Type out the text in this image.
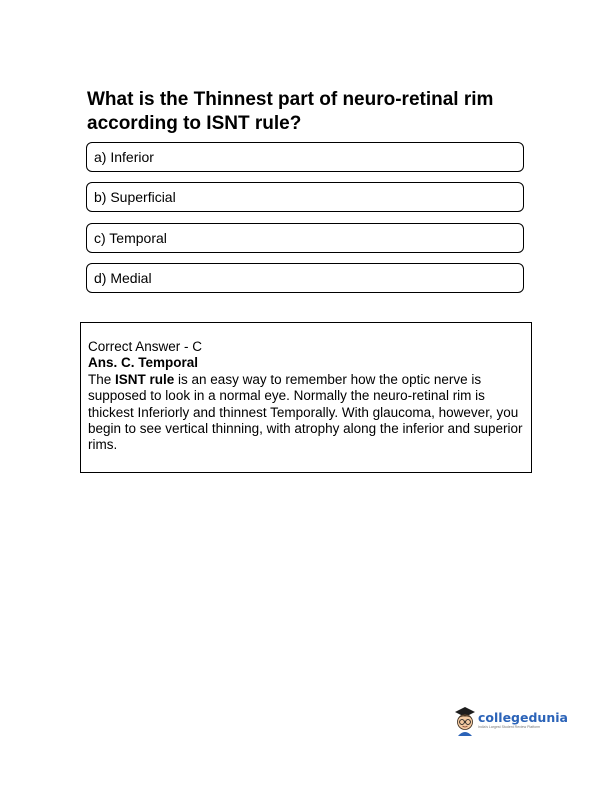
What is the Thinnest part of neuro-retinal rim according to ISNT rule?
a) Inferior
b) Superficial
c) Temporal
d) Medial
Correct Answer - C
Ans. C. Temporal
The ISNT rule is an easy way to remember how the optic nerve is supposed to look in a normal eye. Normally the neuro-retinal rim is thickest Inferiorly and thinnest Temporally. With glaucoma, however, you begin to see vertical thinning, with atrophy along the inferior and superior rims.
collegedunia
India's Largest Student Review Platform
